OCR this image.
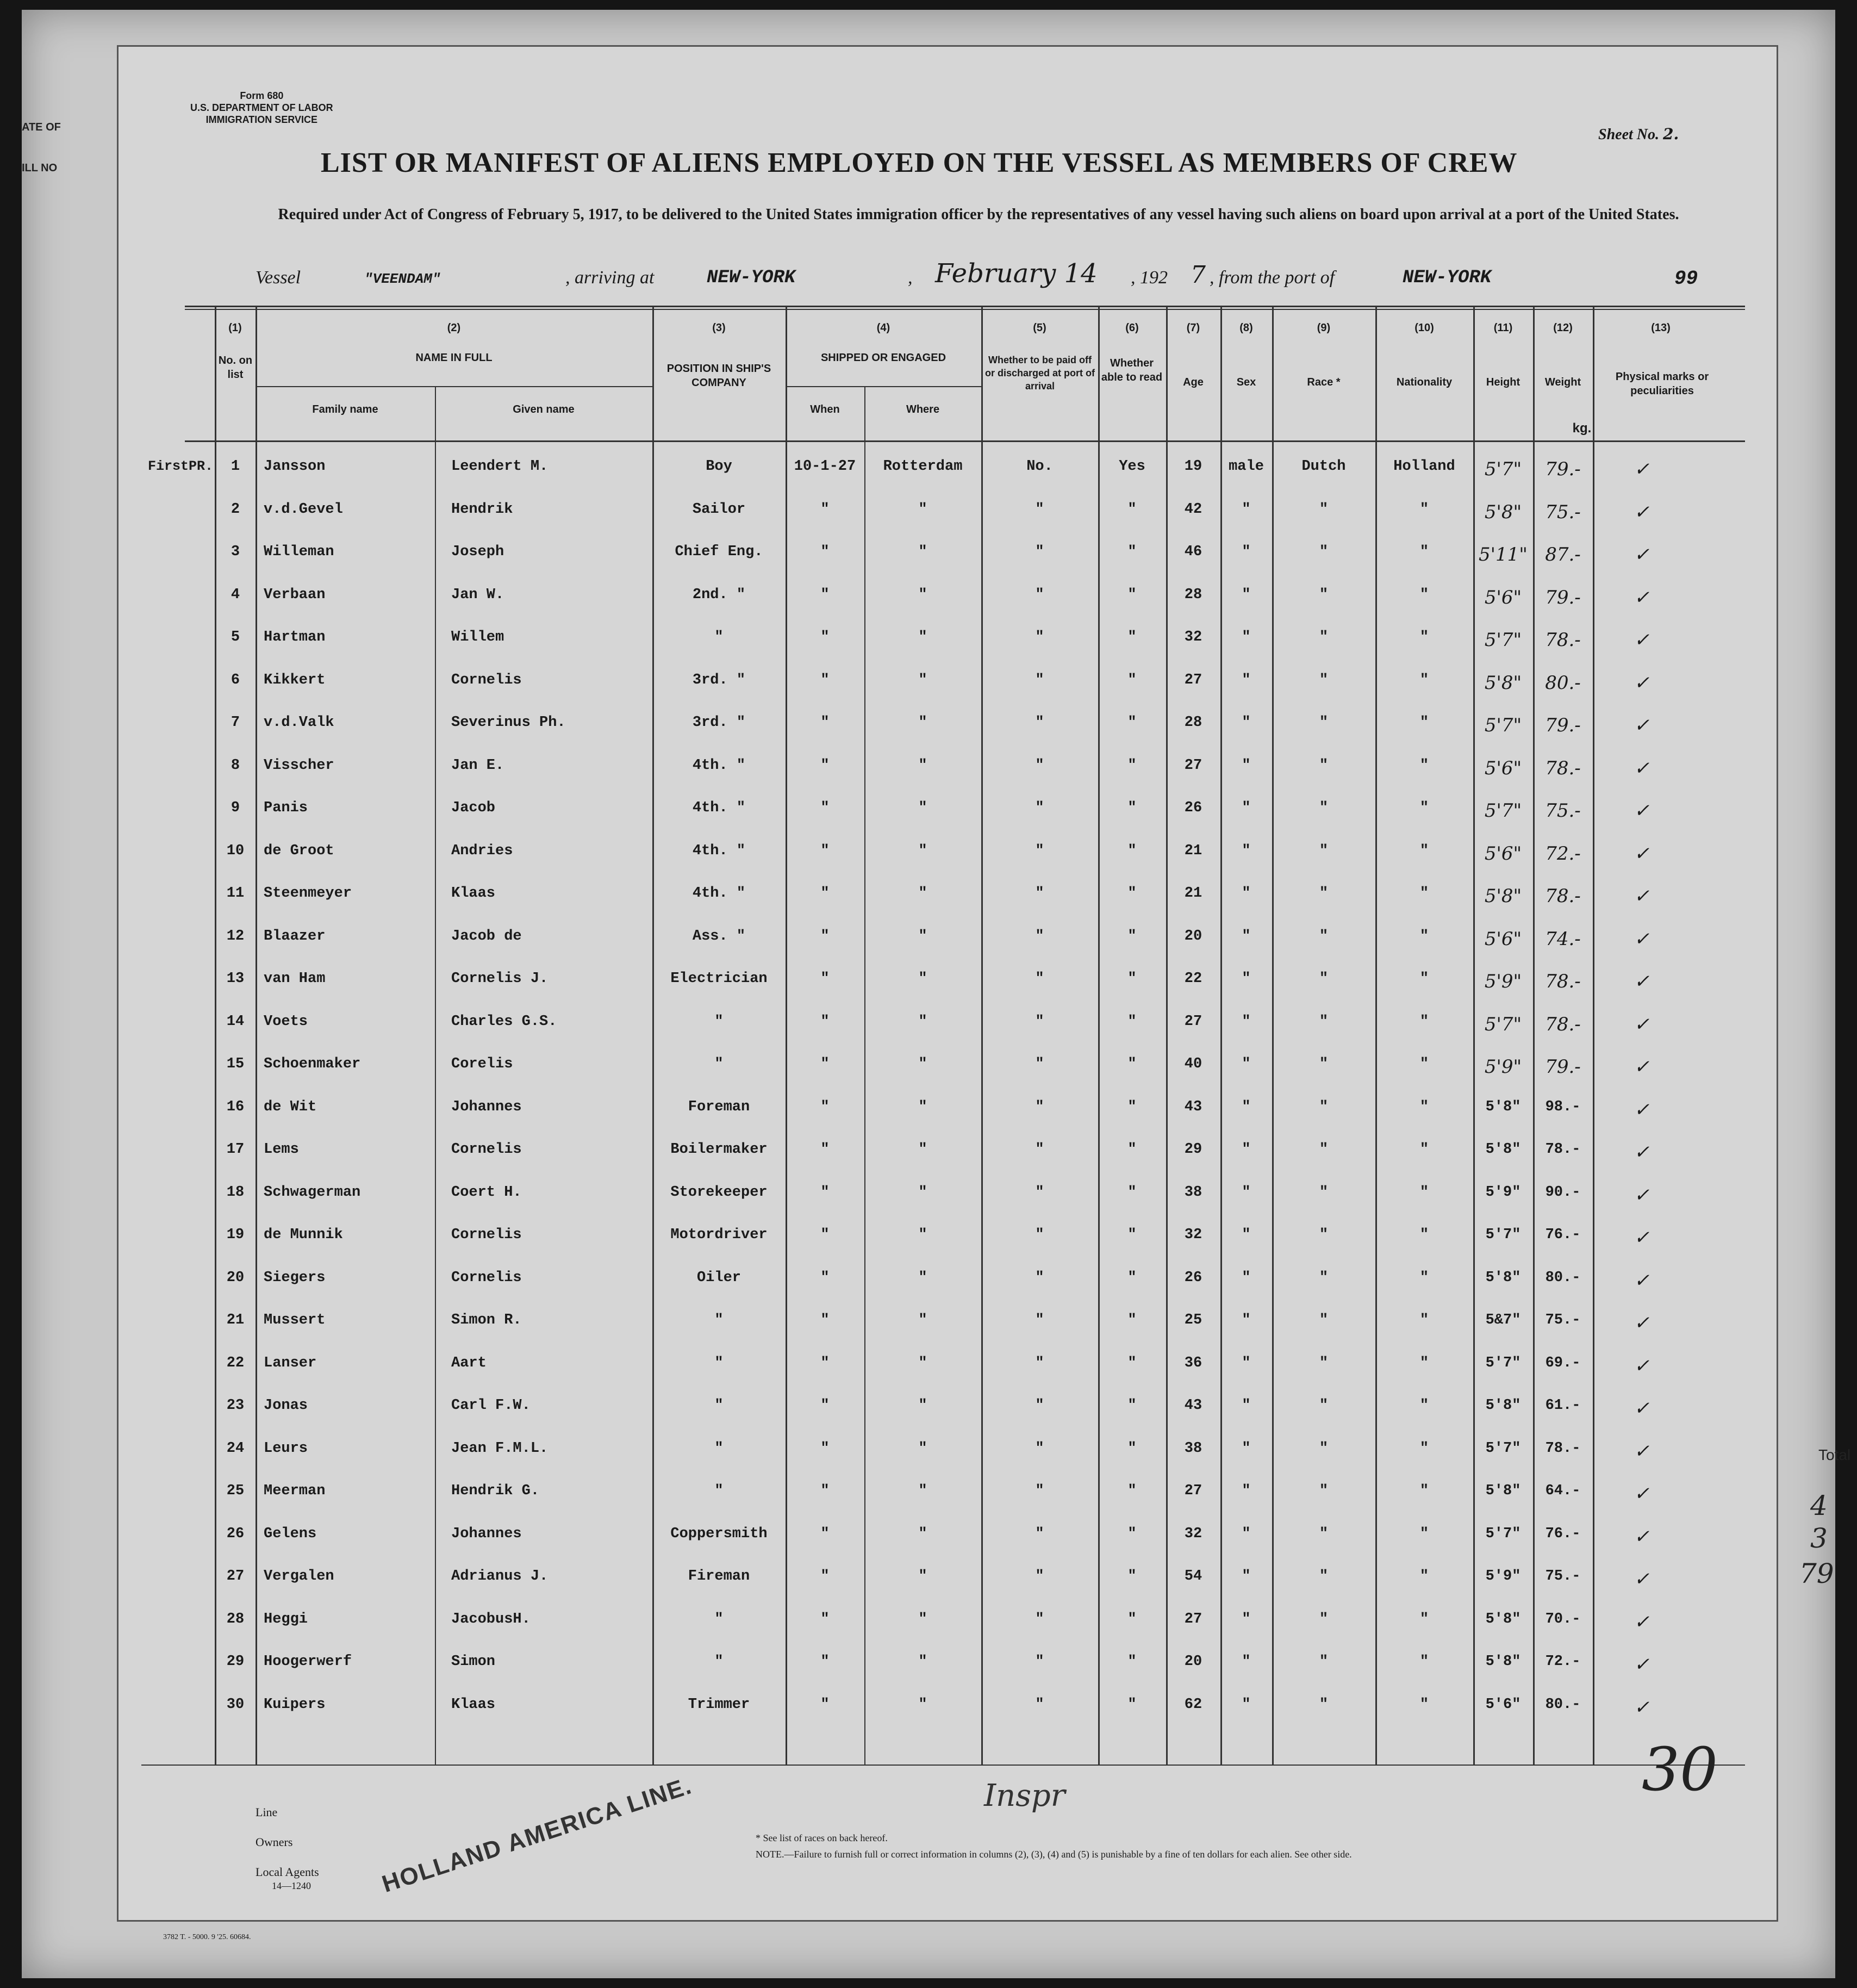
ATE OF
ILL NO
Form 680
U.S. DEPARTMENT OF LABOR
IMMIGRATION SERVICE
Sheet No. 2.
LIST OR MANIFEST OF ALIENS EMPLOYED ON THE VESSEL AS MEMBERS OF CREW
Required under Act of Congress of February 5, 1917, to be delivered to the United States immigration officer by the representatives of any vessel having such aliens on board upon arrival at a port of the United States.
Vessel	"VEENDAM"	, arriving at	NEW-YORK	, February 14 , 192 7 , from the port of	NEW-YORK	99
(1)	(2)	(3)	(4)	(5)	(6)	(7)	(8)	(9)	(10)	(11)	(12)	(13)
No. on list
NAME IN FULL
Family name	Given name
POSITION IN SHIP'S COMPANY
SHIPPED OR ENGAGED
When	Where
Whether to be paid off or discharged at port of arrival
Whether able to read	Age	Sex	Race *	Nationality	Height	Weight
kg.
Physical marks or peculiarities
FirstPR.	1	Jansson	Leendert M.	Boy	10-1-27	Rotterdam	No.	Yes	19	male	Dutch	Holland	5'7"	79.-	✓
2	v.d.Gevel	Hendrik	Sailor	"	"	"	"	42	"	"	"	5'8"	75.-	✓
3	Willeman	Joseph	Chief Eng.	"	"	"	"	46	"	"	"	5'11" 87.-	✓
4	Verbaan	Jan W.	2nd. "	"	"	"	"	28	"	"	"	5'6"	79.-	✓
5	Hartman	Willem	"	"	"	"	"	32	"	"	"	5'7"	78.-	✓
6	Kikkert	Cornelis	3rd. "	"	"	"	"	27	"	"	"	5'8"	80.-	✓
7	v.d.Valk	Severinus Ph.	3rd. "	"	"	"	"	28	"	"	"	5'7"	79.-	✓
8	Visscher	Jan E.	4th. "	"	"	"	"	27	"	"	"	5'6"	78.-	✓
9	Panis	Jacob	4th. "	"	"	"	"	26	"	"	"	5'7"	75.-	✓
10	de Groot	Andries	4th. "	"	"	"	"	21	"	"	"	5'6"	72.-	✓
11	Steenmeyer	Klaas	4th. "	"	"	"	"	21	"	"	"	5'8"	78.-	✓
12	Blaazer	Jacob de	Ass. "	"	"	"	"	20	"	"	"	5'6"	74.-	✓
13	van Ham	Cornelis J.	Electrician	"	"	"	"	22	"	"	"	5'9"	78.-	✓
14	Voets	Charles G.S.	"	"	"	"	"	27	"	"	"	5'7"	78.-	✓
15	Schoenmaker	Corelis	"	"	"	"	"	40	"	"	"	5'9"	79.-	✓
16	de Wit	Johannes	Foreman	"	"	"	"	43	"	"	"	5'8"	98.-	✓
17	Lems	Cornelis	Boilermaker	"	"	"	"	29	"	"	"	5'8"	78.-	✓
18	Schwagerman	Coert H.	Storekeeper	"	"	"	"	38	"	"	"	5'9"	90.-	✓
19	de Munnik	Cornelis	Motordriver	"	"	"	"	32	"	"	"	5'7"	76.-	✓
20	Siegers	Cornelis	Oiler	"	"	"	"	26	"	"	"	5'8"	80.-	✓
21	Mussert	Simon R.	"	"	"	"	"	25	"	"	"	5&7"	75.-	✓
22	Lanser	Aart	"	"	"	"	"	36	"	"	"	5'7"	69.-	✓
23	Jonas	Carl F.W.	"	"	"	"	"	43	"	"	"	5'8"	61.-	✓
24	Leurs	Jean F.M.L.	"	"	"	"	"	38	"	"	"	5'7"	78.-	✓
25	Meerman	Hendrik G.	"	"	"	"	"	27	"	"	"	5'8"	64.-	✓
26	Gelens	Johannes	Coppersmith	"	"	"	"	32	"	"	"	5'7"	76.-	✓
27	Vergalen	Adrianus J.	Fireman	"	"	"	"	54	"	"	"	5'9"	75.-	✓
28	Heggi	JacobusH.	"	"	"	"	"	27	"	"	"	5'8"	70.-	✓
29	Hoogerwerf	Simon	"	"	"	"	"	20	"	"	"	5'8"	72.-	✓
30	Kuipers	Klaas	Trimmer	"	"	"	"	62	"	"	"	5'6"	80.-	✓
30
Total
4
3
79
Line
Owners
Local Agents
14—1240	HOLLAND AMERICA LINE.	Inspr
* See list of races on back hereof.
NOTE.—Failure to furnish full or correct information in columns (2), (3), (4) and (5) is punishable by a fine of ten dollars for each alien. See other side.
3782 T. - 5000. 9 '25. 60684.
